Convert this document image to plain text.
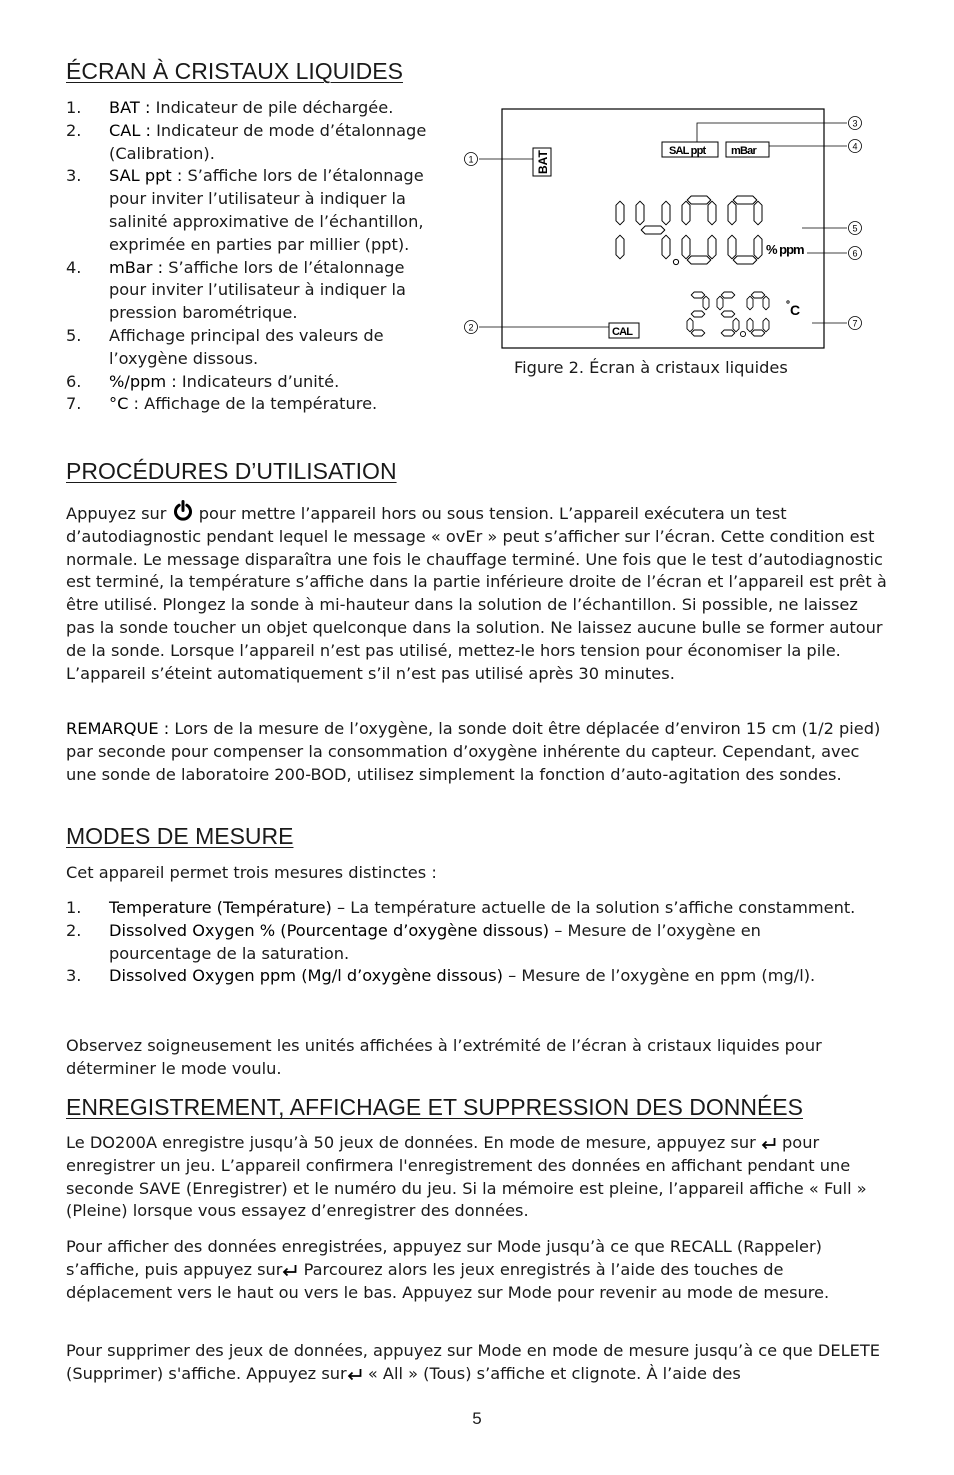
ÉCRAN À CRISTAUX LIQUIDES
1. BAT : Indicateur de pile déchargée.
2. CAL : Indicateur de mode d’étalonnage (Calibration).
3. SAL ppt : S’affiche lors de l’étalonnage pour inviter l’utilisateur à indiquer la salinité approximative de l’échantillon, exprimée en parties par millier (ppt).
4. mBar : S’affiche lors de l’étalonnage pour inviter l’utilisateur à indiquer la pression barométrique.
5. Affichage principal des valeurs de l’oxygène dissous.
6. %/ppm : Indicateurs d’unité.
7. °C : Affichage de la température.
BAT	SAL ppt mBar
CAL
% ppm
C
1
2
3
4
5
6
7
Figure 2. Écran à cristaux liquides
PROCÉDURES D’UTILISATION

Appuyez sur  pour mettre l’appareil hors ou sous tension. L’appareil exécutera un test d’autodiagnostic pendant lequel le message « ovEr » peut s’afficher sur l’écran. Cette condition est normale. Le message disparaîtra une fois le chauffage terminé. Une fois que le test d’autodiagnostic est terminé, la température s’affiche dans la partie inférieure droite de l’écran et l’appareil est prêt à être utilisé. Plongez la sonde à mi-hauteur dans la solution de l’échantillon. Si possible, ne laissez pas la sonde toucher un objet quelconque dans la solution. Ne laissez aucune bulle se former autour de la sonde. Lorsque l’appareil n’est pas utilisé, mettez-le hors tension pour économiser la pile. L’appareil s’éteint automatiquement s’il n’est pas utilisé après 30 minutes.

REMARQUE : Lors de la mesure de l’oxygène, la sonde doit être déplacée d’environ 15 cm (1/2 pied) par seconde pour compenser la consommation d’oxygène inhérente du capteur. Cependant, avec une sonde de laboratoire 200-BOD, utilisez simplement la fonction d’auto-agitation des sondes.

MODES DE MESURE

Cet appareil permet trois mesures distinctes :

1. Temperature (Température) – La température actuelle de la solution s’affiche constamment.
2. Dissolved Oxygen % (Pourcentage d’oxygène dissous) – Mesure de l’oxygène en pourcentage de la saturation.
3. Dissolved Oxygen ppm (Mg/l d’oxygène dissous) – Mesure de l’oxygène en ppm (mg/l).

Observez soigneusement les unités affichées à l’extrémité de l’écran à cristaux liquides pour déterminer le mode voulu.

ENREGISTREMENT, AFFICHAGE ET SUPPRESSION DES DONNÉES

Le DO200A enregistre jusqu’à 50 jeux de données. En mode de mesure, appuyez sur  pour enregistrer un jeu. L’appareil confirmera l'enregistrement des données en affichant pendant une seconde SAVE (Enregistrer) et le numéro du jeu. Si la mémoire est pleine, l’appareil affiche « Full » (Pleine) lorsque vous essayez d’enregistrer des données.

Pour afficher des données enregistrées, appuyez sur Mode jusqu’à ce que RECALL (Rappeler) s’affiche, puis appuyez sur Parcourez alors les jeux enregistrés à l’aide des touches de déplacement vers le haut ou vers le bas. Appuyez sur Mode pour revenir au mode de mesure.

Pour supprimer des jeux de données, appuyez sur Mode en mode de mesure jusqu’à ce que DELETE (Supprimer) s'affiche. Appuyez sur « All » (Tous) s’affiche et clignote. À l’aide des

5
